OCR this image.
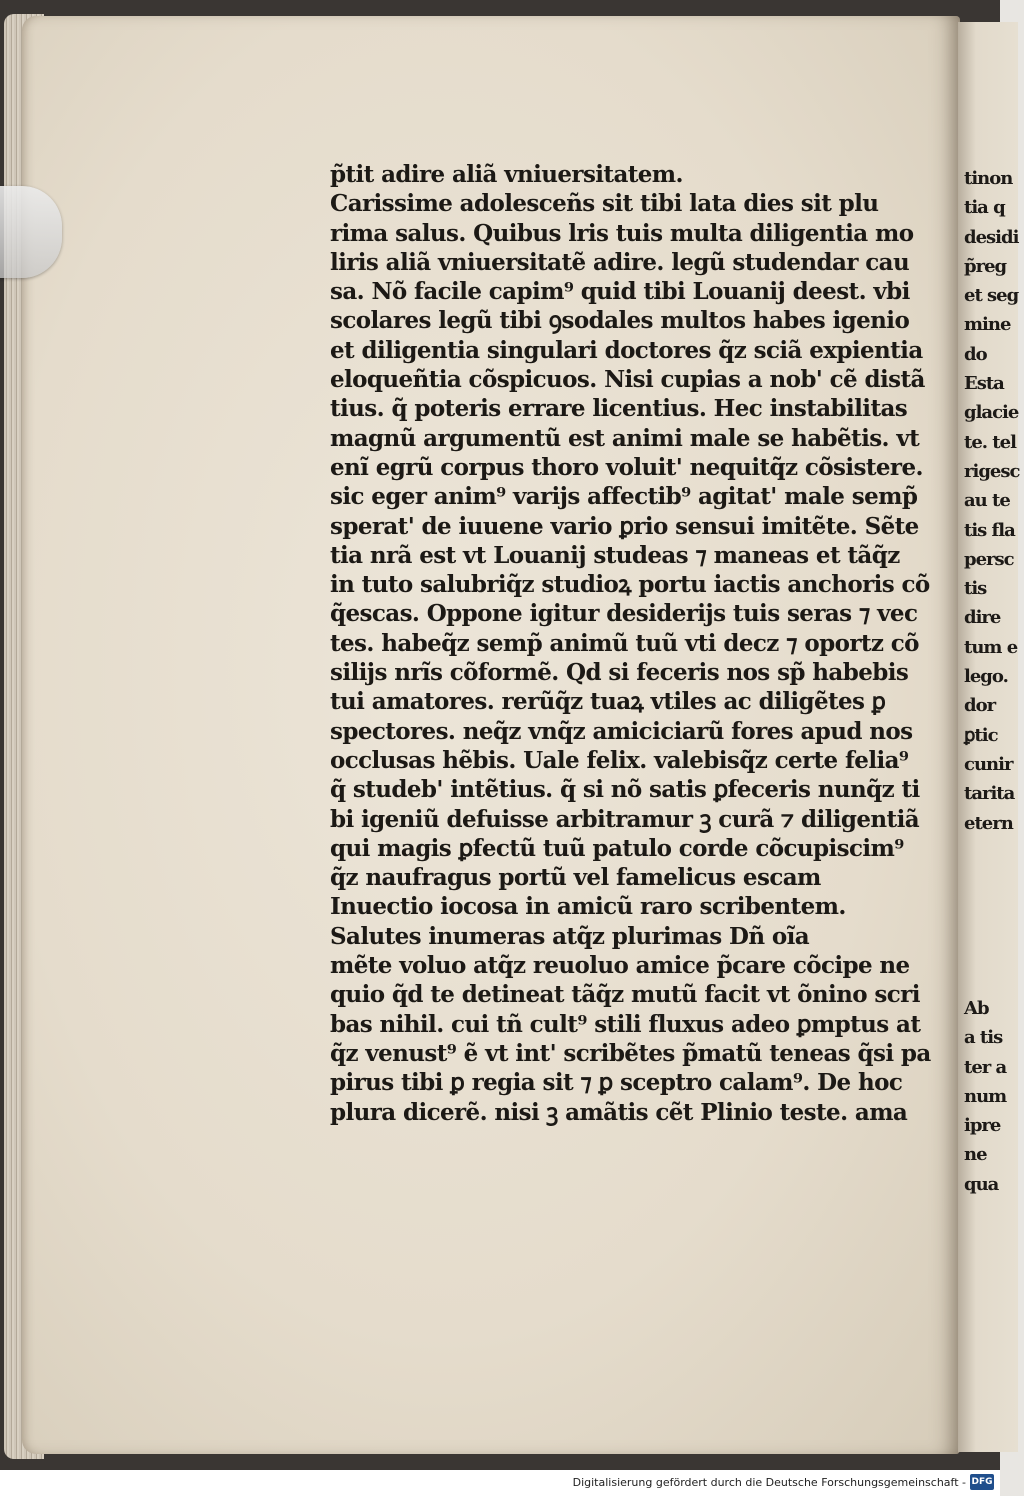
tinon
tia q
desidi
p̃reg
et seg
mine
do
Esta
glacie
te. tel
rigesc
au te
tis fla
persc
tis
dire
tum e
lego.
dor
ꝑtic
cunir
tarita
etern
Ab
a tis
ter a
num
ipre
ne
qua
p̃tit adire aliã vniuersitatem.
Carissime adolesceñs sit tibi lata dies sit plu
rima salus. Quibus lris tuis multa diligentia mo
liris aliã vniuersitatẽ adire. legũ studendar cau
sa. Nõ facile capim⁹ quid tibi Louanij deest. vbi
scolares legũ tibi ꝯsodales multos habes igenio
et diligentia singulari doctores q̃z sciã expientia
eloqueñtia cõspicuos. Nisi cupias a nob' cẽ distã
tius. q̃ poteris errare licentius. Hec instabilitas
magnũ argumentũ est animi male se habẽtis. vt
enĩ egrũ corpus thoro voluit' nequitq̃z cõsistere.
sic eger anim⁹ varijs affectib⁹ agitat' male semp̃
sperat' de iuuene vario ꝑrio sensui imitẽte. Sẽte
tia nrã est vt Louanij studeas ⁊ maneas et tãq̃z
in tuto salubriq̃z studioꝝ portu iactis anchoris cõ
q̃escas. Oppone igitur desiderijs tuis seras ⁊ vec
tes. habeq̃z semp̃ animũ tuũ vti decz ⁊ oportz cõ
silijs nrĩs cõformẽ. Qd si feceris nos sp̃ habebis
tui amatores. rerũq̃z tuaꝝ vtiles ac diligẽtes ꝑ
spectores. neq̃z vnq̃z amiciciarũ fores apud nos
occlusas hẽbis. Uale felix. valebisq̃z certe felia⁹
q̃ studeb' intẽtius. q̃ si nõ satis ꝑfeceris nunq̃z ti
bi igeniũ defuisse arbitramur ꝫ curã ⁊ diligentiã
qui magis ꝑfectũ tuũ patulo corde cõcupiscim⁹
q̃z naufragus portũ vel famelicus escam
Inuectio iocosa in amicũ raro scribentem.
Salutes inumeras atq̃z plurimas Dñ oĩa
mẽte voluo atq̃z reuoluo amice p̃care cõcipe ne
quio q̃d te detineat tãq̃z mutũ facit vt õnino scri
bas nihil. cui tñ cult⁹ stili fluxus adeo ꝑmptus at
q̃z venust⁹ ẽ vt int' scribẽtes p̃matũ teneas q̃si pa
pirus tibi ꝑ regia sit ⁊ ꝑ sceptro calam⁹. De hoc
plura dicerẽ. nisi ꝫ amãtis cẽt Plinio teste. ama
Digitalisierung gefördert durch die Deutsche Forschungsgemeinschaft - DFG
